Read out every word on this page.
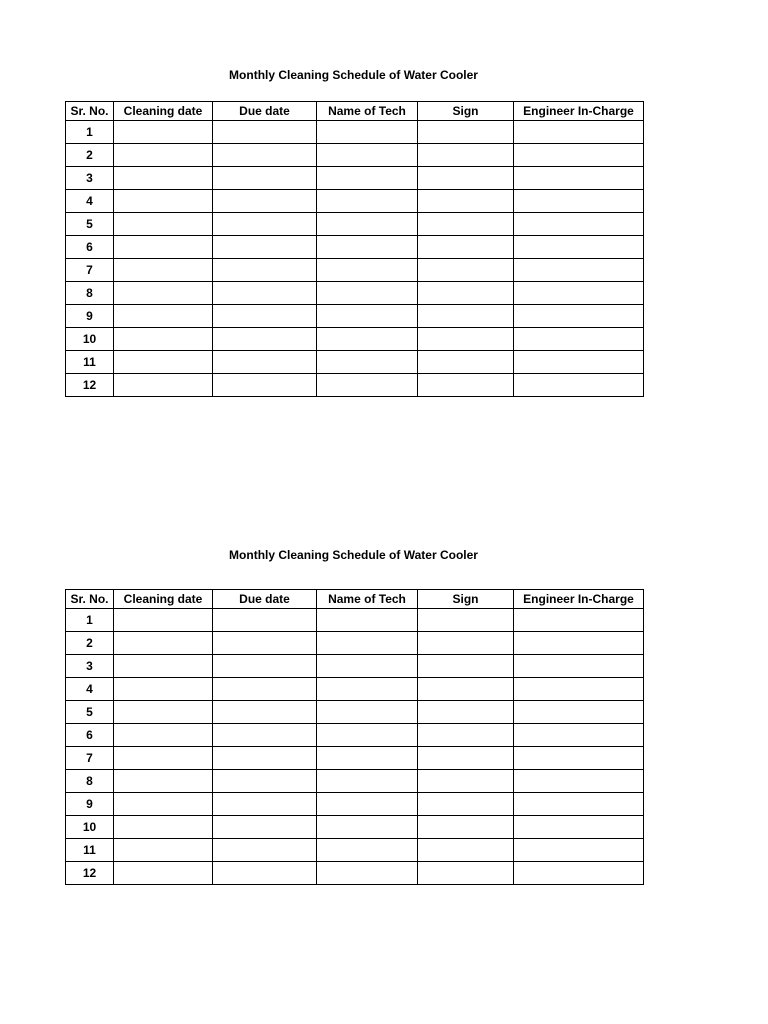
Monthly Cleaning Schedule of Water Cooler
Sr. No.	Cleaning date	Due date	Name of Tech	Sign	Engineer In-Charge
1					
2					
3					
4					
5					
6					
7					
8					
9					
10					
11					
12					
Monthly Cleaning Schedule of Water Cooler
Sr. No.	Cleaning date	Due date	Name of Tech	Sign	Engineer In-Charge
1					
2					
3					
4					
5					
6					
7					
8					
9					
10					
11					
12					
